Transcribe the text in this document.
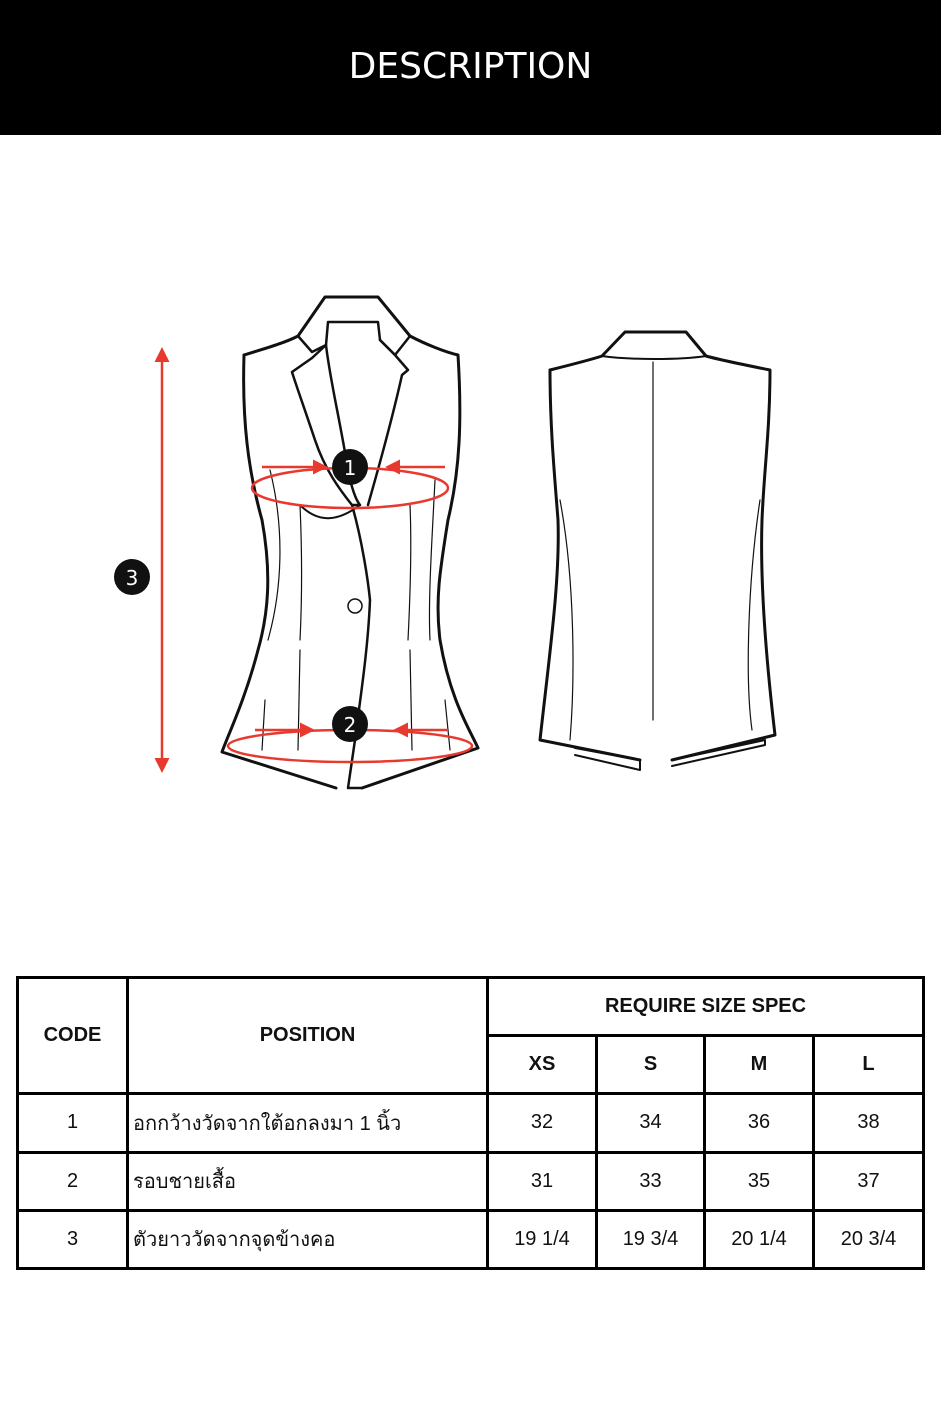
DESCRIPTION
1
2
3
CODE	POSITION	REQUIRE SIZE SPEC			
		XS	S	M	L
1	อกกว้างวัดจากใต้อกลงมา 1 นิ้ว	32	34	36	38
2	รอบชายเสื้อ	31	33	35	37
3	ตัวยาววัดจากจุดข้างคอ	19 1/4	19 3/4	20 1/4	20 3/4
